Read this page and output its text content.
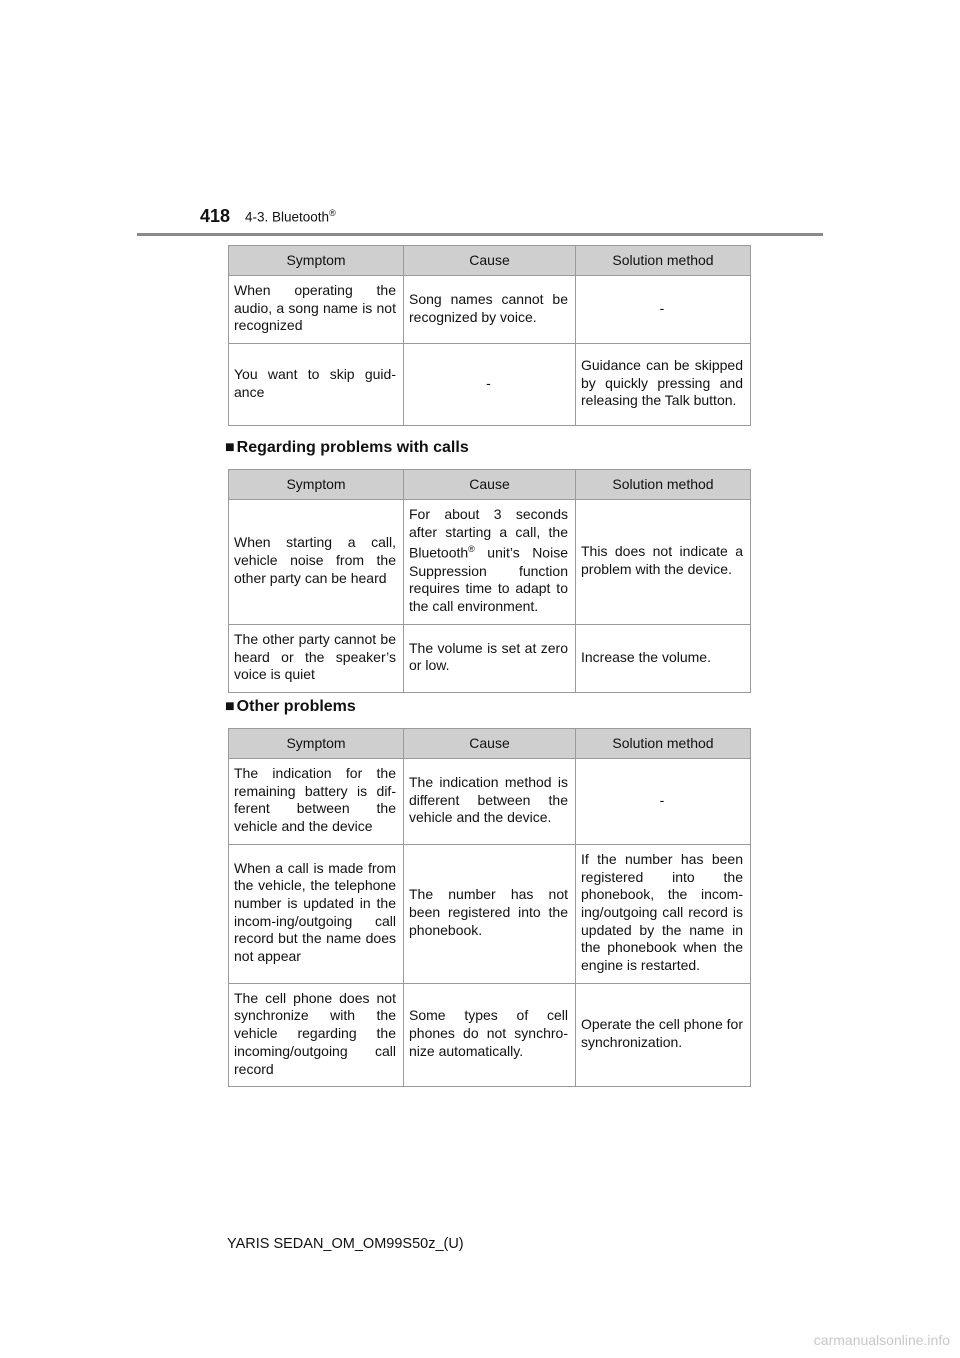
418 4-3. Bluetooth®
Symptom	Cause	Solution method
When operating the audio, a song name is not recognized	Song names cannot be recognized by voice.	-
You want to skip guid-ance	-	Guidance can be skipped by quickly pressing and releasing the Talk button.
■ Regarding problems with calls
Symptom	Cause	Solution method
When starting a call, vehicle noise from the other party can be heard	For about 3 seconds after starting a call, the Bluetooth® unit’s Noise Suppression function requires time to adapt to the call environment.	This does not indicate a problem with the device.
The other party cannot be heard or the speaker’s voice is quiet	The volume is set at zero or low.	Increase the volume.
■ Other problems
Symptom	Cause	Solution method
The indication for the remaining battery is dif-ferent between the vehicle and the device	The indication method is different between the vehicle and the device.	-
When a call is made from the vehicle, the telephone number is updated in the incom-ing/outgoing call record but the name does not appear	The number has not been registered into the phonebook.	If the number has been registered into the phonebook, the incom-ing/outgoing call record is updated by the name in the phonebook when the engine is restarted.
The cell phone does not synchronize with the vehicle regarding the incoming/outgoing call record	Some types of cell phones do not synchro-nize automatically.	Operate the cell phone for synchronization.
YARIS SEDAN_OM_OM99S50z_(U)
carmanualsonline.info
